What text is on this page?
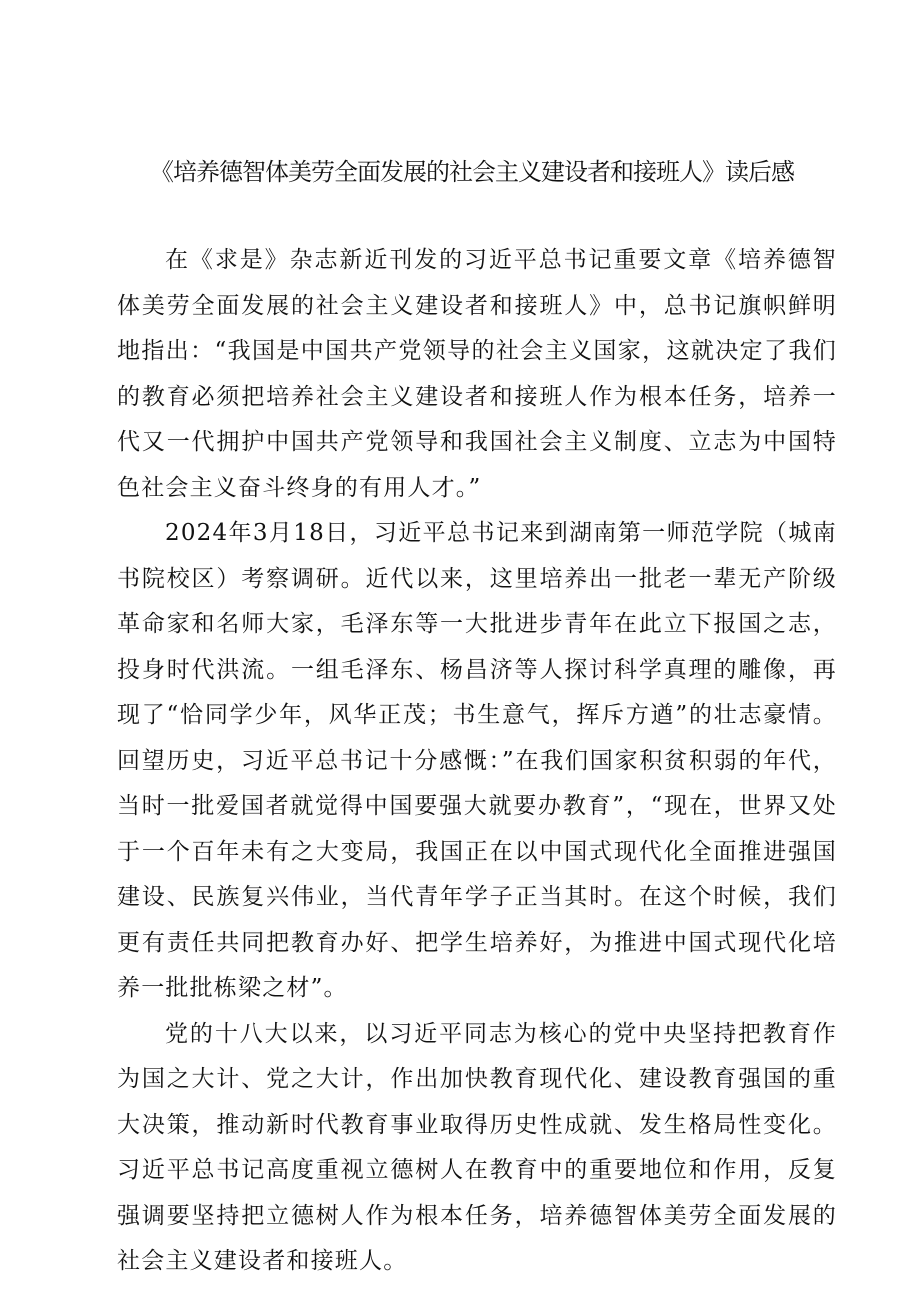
《培养德智体美劳全面发展的社会主义建设者和接班人》读后感

在《求是》杂志新近刊发的习近平总书记重要文章《培养德智体美劳全面发展的社会主义建设者和接班人》中，总书记旗帜鲜明地指出：“我国是中国共产党领导的社会主义国家，这就决定了我们的教育必须把培养社会主义建设者和接班人作为根本任务，培养一代又一代拥护中国共产党领导和我国社会主义制度、立志为中国特色社会主义奋斗终身的有用人才。”

2024年3月18日，习近平总书记来到湖南第一师范学院（城南书院校区）考察调研。近代以来，这里培养出一批老一辈无产阶级革命家和名师大家，毛泽东等一大批进步青年在此立下报国之志，投身时代洪流。一组毛泽东、杨昌济等人探讨科学真理的雕像，再现了“恰同学少年，风华正茂；书生意气，挥斥方遒”的壮志豪情。回望历史，习近平总书记十分感慨：”在我们国家积贫积弱的年代，当时一批爱国者就觉得中国要强大就要办教育”，“现在，世界又处于一个百年未有之大变局，我国正在以中国式现代化全面推进强国建设、民族复兴伟业，当代青年学子正当其时。在这个时候，我们更有责任共同把教育办好、把学生培养好，为推进中国式现代化培养一批批栋梁之材”。

党的十八大以来，以习近平同志为核心的党中央坚持把教育作为国之大计、党之大计，作出加快教育现代化、建设教育强国的重大决策，推动新时代教育事业取得历史性成就、发生格局性变化。习近平总书记高度重视立德树人在教育中的重要地位和作用，反复强调要坚持把立德树人作为根本任务，培养德智体美劳全面发展的社会主义建设者和接班人。
